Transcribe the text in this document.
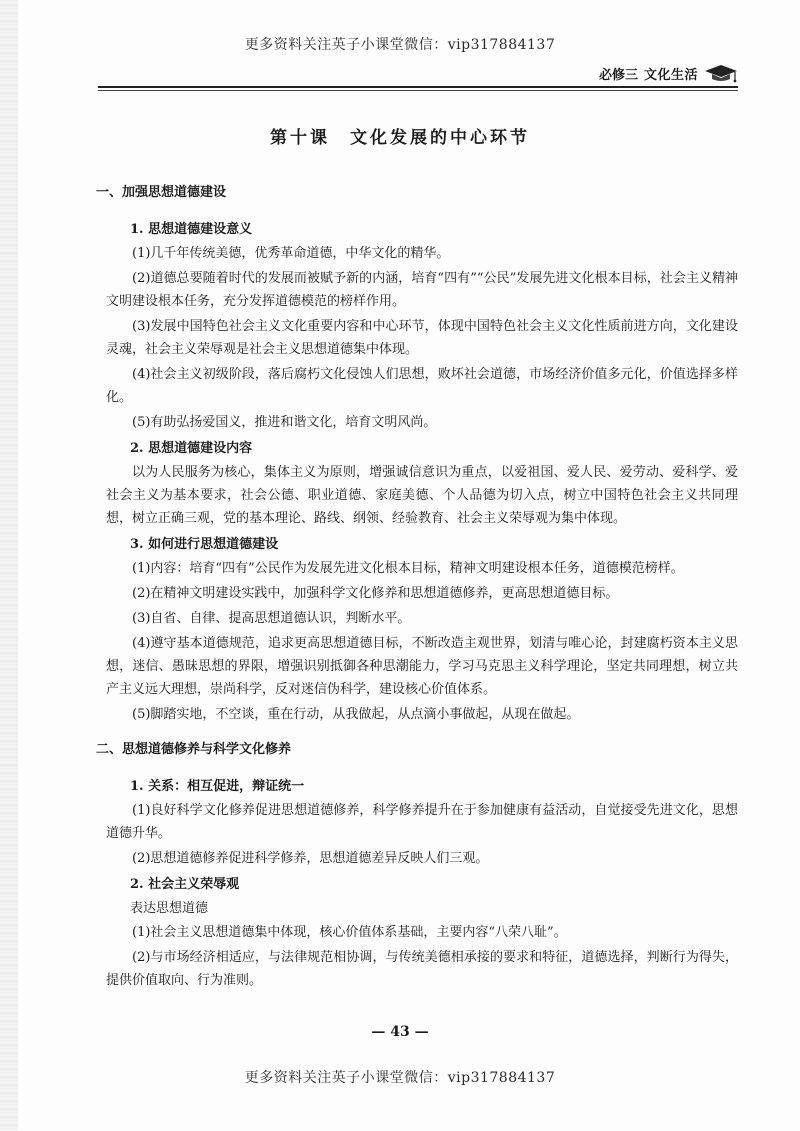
更多资料关注英子小课堂微信：vip317884137
必修三 文化生活
第十课　文化发展的中心环节
一、加强思想道德建设
1. 思想道德建设意义
(1)几千年传统美德，优秀革命道德，中华文化的精华。
(2)道德总要随着时代的发展而被赋予新的内涵，培育“四有”“公民”发展先进文化根本目标，社会主义精神文明建设根本任务，充分发挥道德模范的榜样作用。
(3)发展中国特色社会主义文化重要内容和中心环节，体现中国特色社会主义文化性质前进方向，文化建设灵魂，社会主义荣辱观是社会主义思想道德集中体现。
(4)社会主义初级阶段，落后腐朽文化侵蚀人们思想，败坏社会道德，市场经济价值多元化，价值选择多样化。
(5)有助弘扬爱国义，推进和谐文化，培育文明风尚。
2. 思想道德建设内容
以为人民服务为核心，集体主义为原则，增强诚信意识为重点，以爱祖国、爱人民、爱劳动、爱科学、爱社会主义为基本要求，社会公德、职业道德、家庭美德、个人品德为切入点，树立中国特色社会主义共同理想，树立正确三观，党的基本理论、路线、纲领、经验教育、社会主义荣辱观为集中体现。
3. 如何进行思想道德建设
(1)内容：培育“四有”公民作为发展先进文化根本目标，精神文明建设根本任务，道德模范榜样。
(2)在精神文明建设实践中，加强科学文化修养和思想道德修养，更高思想道德目标。
(3)自省、自律、提高思想道德认识，判断水平。
(4)遵守基本道德规范，追求更高思想道德目标，不断改造主观世界，划清与唯心论，封建腐朽资本主义思想，迷信、愚昧思想的界限，增强识别抵御各种思潮能力，学习马克思主义科学理论，坚定共同理想，树立共产主义远大理想，崇尚科学，反对迷信伪科学，建设核心价值体系。
(5)脚踏实地，不空谈，重在行动，从我做起，从点滴小事做起，从现在做起。
二、思想道德修养与科学文化修养
1. 关系：相互促进，辩证统一
(1)良好科学文化修养促进思想道德修养，科学修养提升在于参加健康有益活动，自觉接受先进文化，思想道德升华。
(2)思想道德修养促进科学修养，思想道德差异反映人们三观。
2. 社会主义荣辱观
表达思想道德
(1)社会主义思想道德集中体现，核心价值体系基础，主要内容“八荣八耻”。
(2)与市场经济相适应，与法律规范相协调，与传统美德相承接的要求和特征，道德选择，判断行为得失，提供价值取向、行为准则。
— 43 —
更多资料关注英子小课堂微信：vip317884137
